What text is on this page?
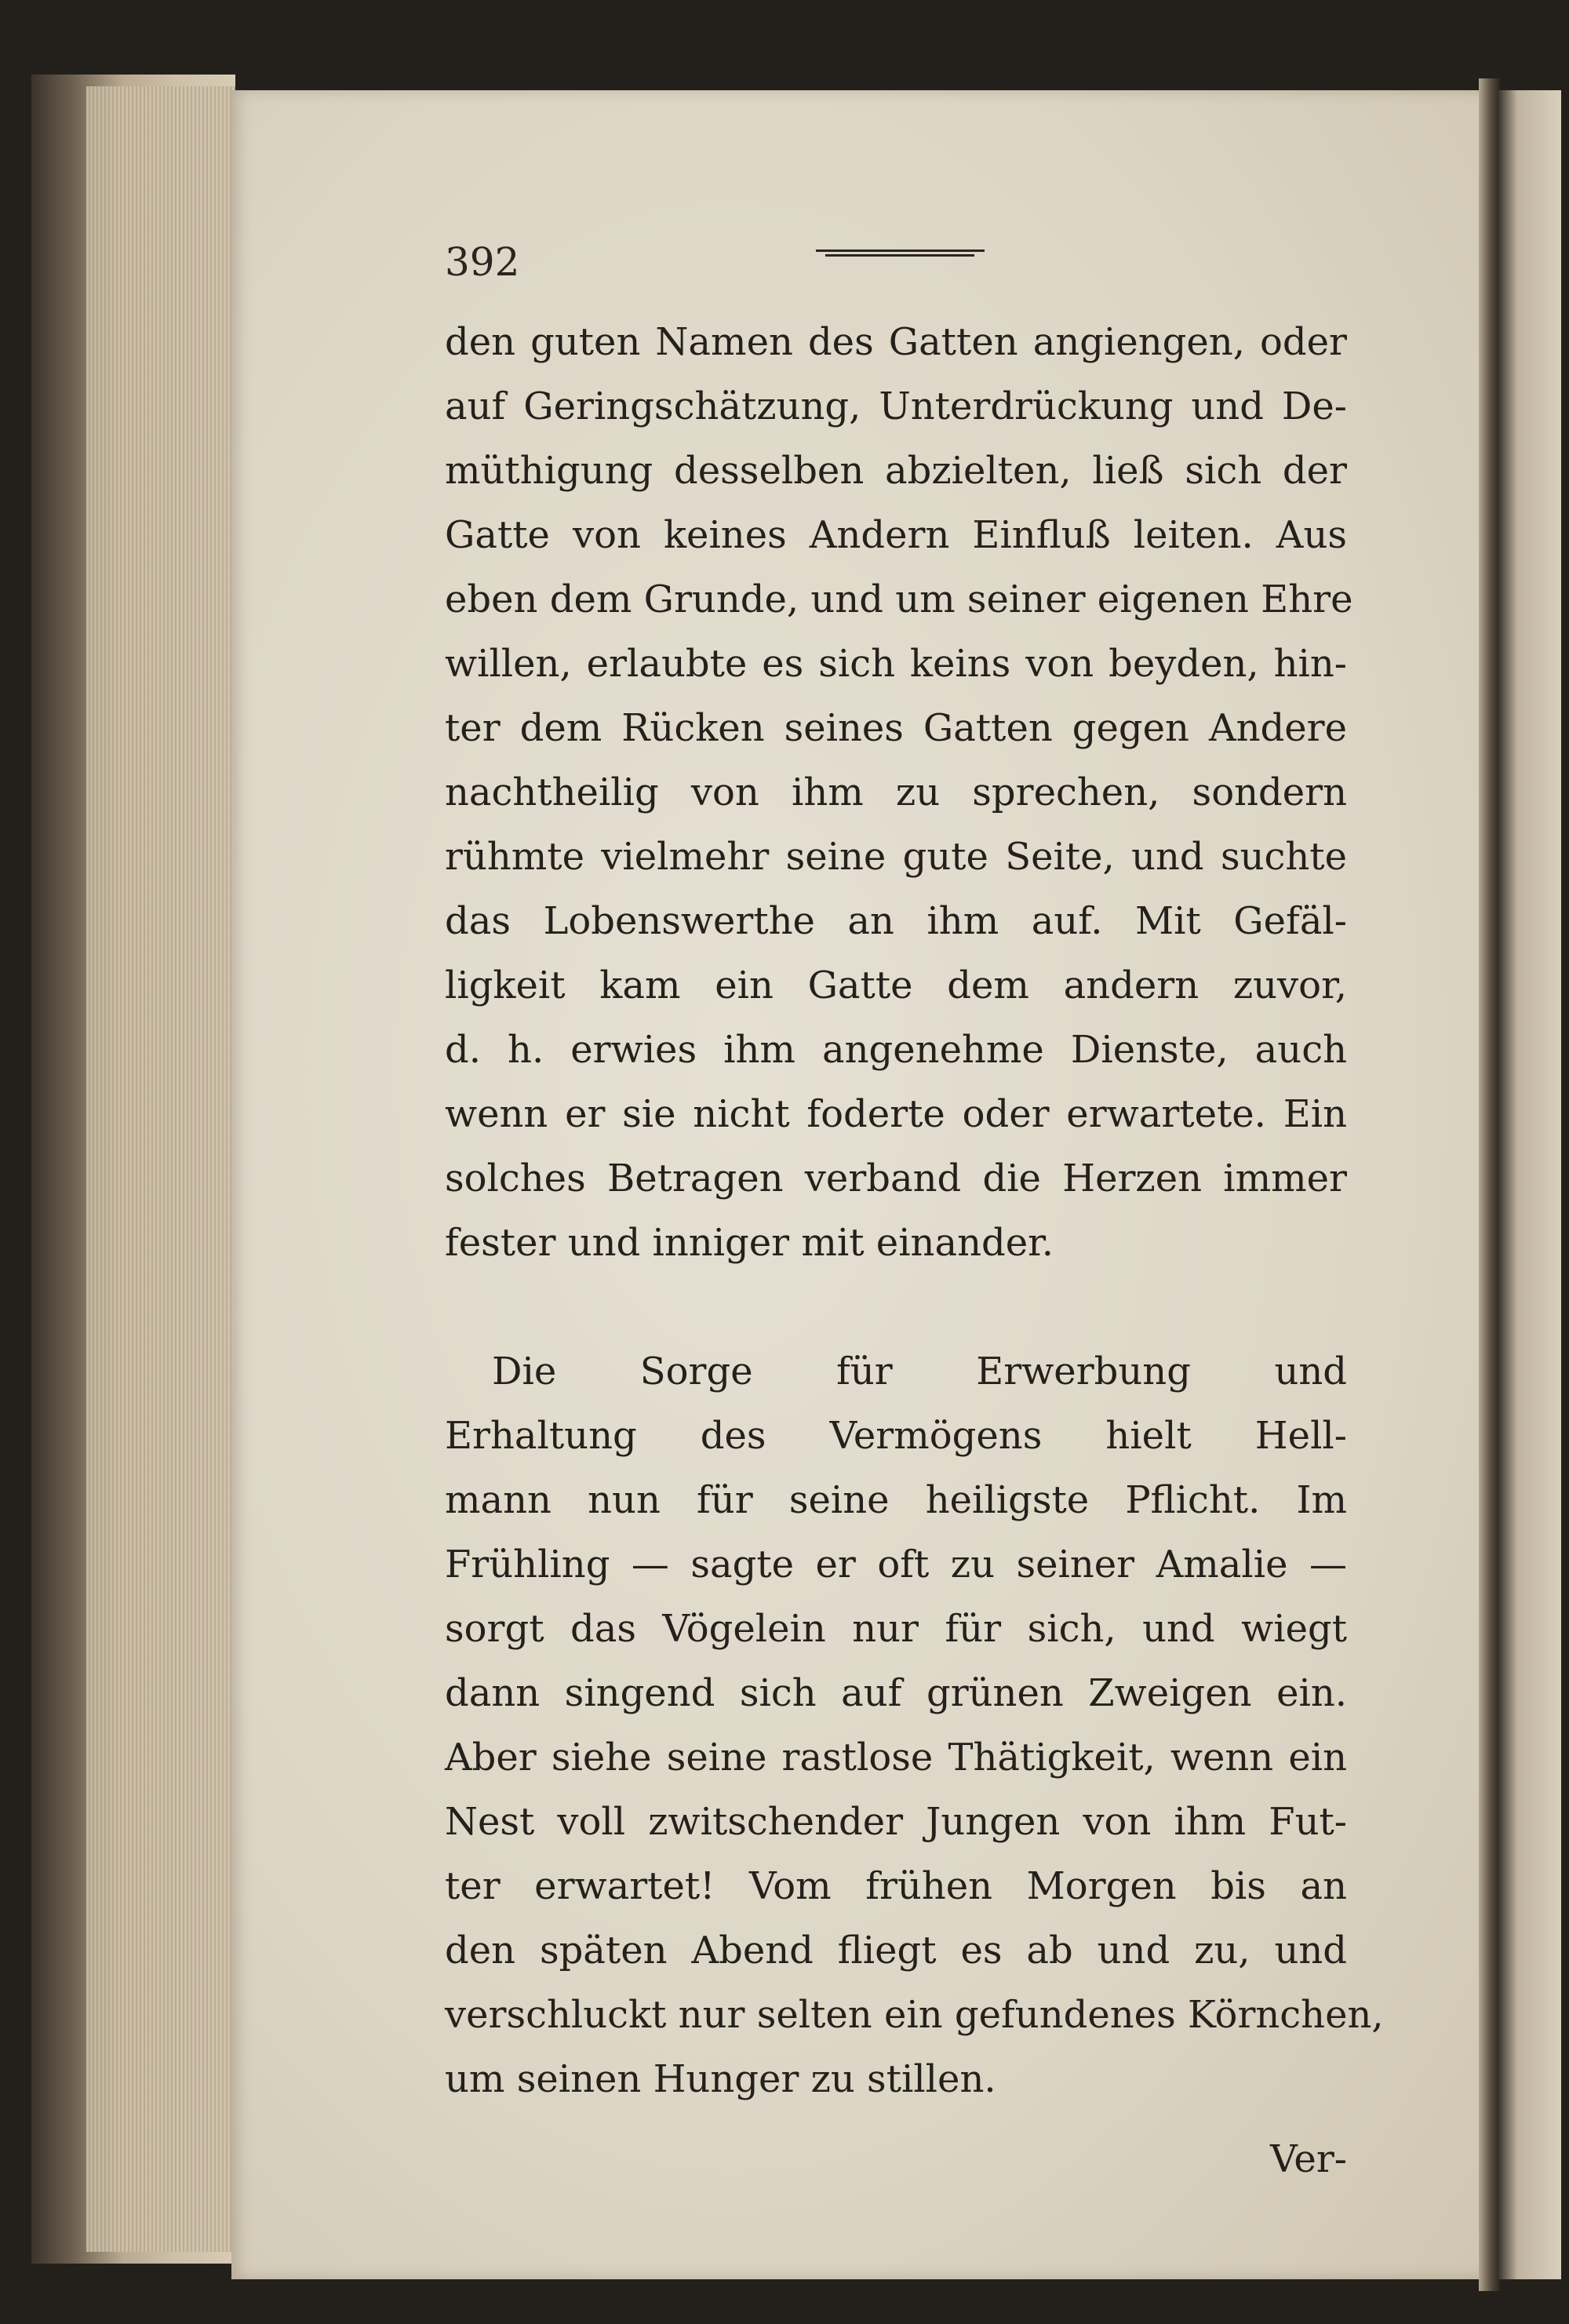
392
den guten Namen des Gatten angiengen, oder
auf Geringschätzung, Unterdrückung und De-
müthigung desselben abzielten, ließ sich der
Gatte von keines Andern Einfluß leiten. Aus
eben dem Grunde, und um seiner eigenen Ehre
willen, erlaubte es sich keins von beyden, hin-
ter dem Rücken seines Gatten gegen Andere
nachtheilig von ihm zu sprechen, sondern
rühmte vielmehr seine gute Seite, und suchte
das Lobenswerthe an ihm auf. Mit Gefäl-
ligkeit kam ein Gatte dem andern zuvor,
d. h. erwies ihm angenehme Dienste, auch
wenn er sie nicht foderte oder erwartete. Ein
solches Betragen verband die Herzen immer
fester und inniger mit einander.
Die Sorge für Erwerbung und
Erhaltung des Vermögens hielt Hell-
mann nun für seine heiligste Pflicht. Im
Frühling — sagte er oft zu seiner Amalie —
sorgt das Vögelein nur für sich, und wiegt
dann singend sich auf grünen Zweigen ein.
Aber siehe seine rastlose Thätigkeit, wenn ein
Nest voll zwitschender Jungen von ihm Fut-
ter erwartet! Vom frühen Morgen bis an
den späten Abend fliegt es ab und zu, und
verschluckt nur selten ein gefundenes Körnchen,
um seinen Hunger zu stillen.
Ver-
